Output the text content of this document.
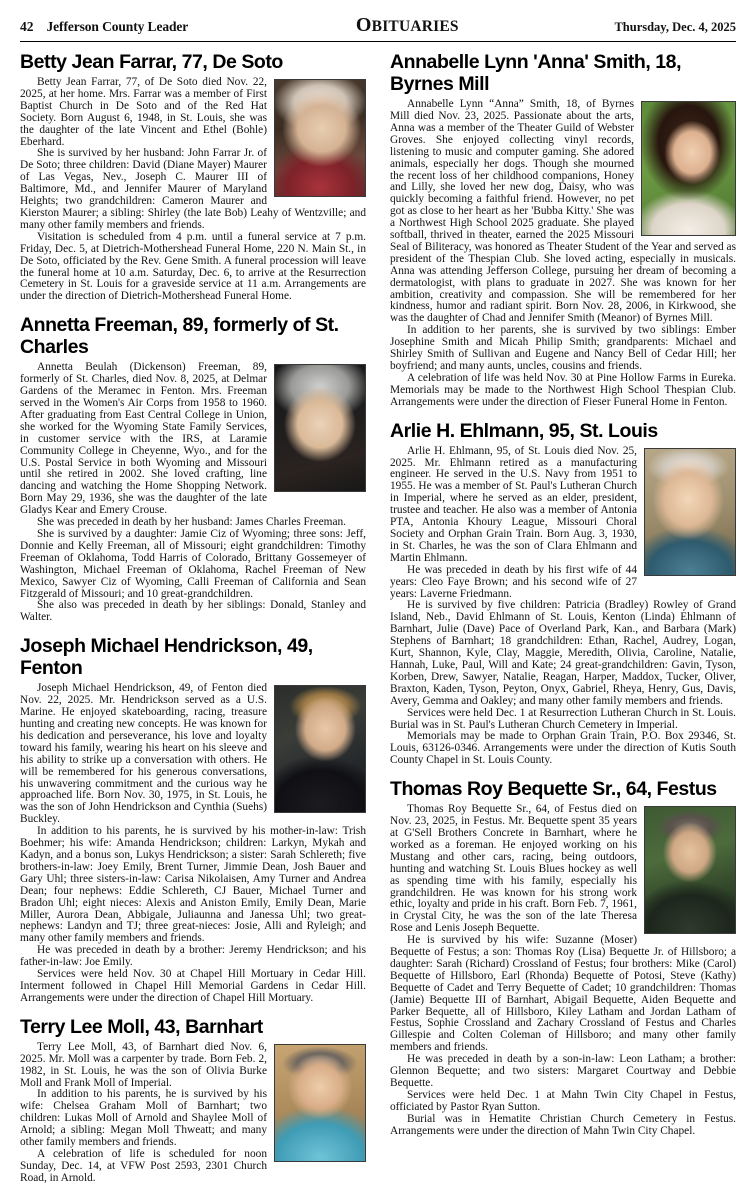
42 Jefferson County Leader	OBITUARIES	Thursday, Dec. 4, 2025
Betty Jean Farrar, 77, De Soto

Betty Jean Farrar, 77, of De Soto died Nov. 22, 2025, at her home. Mrs. Farrar was a member of First Baptist Church in De Soto and of the Red Hat Society. Born August 6, 1948, in St. Louis, she was the daughter of the late Vincent and Ethel (Bohle) Eberhard.

She is survived by her husband: John Farrar Jr. of De Soto; three children: David (Diane Mayer) Maurer of Las Vegas, Nev., Joseph C. Maurer III of Baltimore, Md., and Jennifer Maurer of Maryland Heights; two grandchildren: Cameron Maurer and Kierston Maurer; a sibling: Shirley (the late Bob) Leahy of Wentzville; and many other family members and friends.

Visitation is scheduled from 4 p.m. until a funeral service at 7 p.m. Friday, Dec. 5, at Dietrich-Mothershead Funeral Home, 220 N. Main St., in De Soto, officiated by the Rev. Gene Smith. A funeral procession will leave the funeral home at 10 a.m. Saturday, Dec. 6, to arrive at the Resurrection Cemetery in St. Louis for a graveside service at 11 a.m. Arrangements are under the direction of Dietrich-Mothershead Funeral Home.

Annetta Freeman, 89, formerly of St. Charles

Annetta Beulah (Dickenson) Freeman, 89, formerly of St. Charles, died Nov. 8, 2025, at Delmar Gardens of the Meramec in Fenton. Mrs. Freeman served in the Women's Air Corps from 1958 to 1960. After graduating from East Central College in Union, she worked for the Wyoming State Family Services, in customer service with the IRS, at Laramie Community College in Cheyenne, Wyo., and for the U.S. Postal Service in both Wyoming and Missouri until she retired in 2002. She loved crafting, line dancing and watching the Home Shopping Network. Born May 29, 1936, she was the daughter of the late Gladys Kear and Emery Crouse.

She was preceded in death by her husband: James Charles Freeman.

She is survived by a daughter: Jamie Ciz of Wyoming; three sons: Jeff, Donnie and Kelly Freeman, all of Missouri; eight grandchildren: Timothy Freeman of Oklahoma, Todd Harris of Colorado, Brittany Gossemeyer of Washington, Michael Freeman of Oklahoma, Rachel Freeman of New Mexico, Sawyer Ciz of Wyoming, Calli Freeman of California and Sean Fitzgerald of Missouri; and 10 great-grandchildren.

She also was preceded in death by her siblings: Donald, Stanley and Walter.

Joseph Michael Hendrickson, 49, Fenton

Joseph Michael Hendrickson, 49, of Fenton died Nov. 22, 2025. Mr. Hendrickson served as a U.S. Marine. He enjoyed skateboarding, racing, treasure hunting and creating new concepts. He was known for his dedication and perseverance, his love and loyalty toward his family, wearing his heart on his sleeve and his ability to strike up a conversation with others. He will be remembered for his generous conversations, his unwavering commitment and the curious way he approached life. Born Nov. 30, 1975, in St. Louis, he was the son of John Hendrickson and Cynthia (Suehs) Buckley.

In addition to his parents, he is survived by his mother-in-law: Trish Boehmer; his wife: Amanda Hendrickson; children: Larkyn, Mykah and Kadyn, and a bonus son, Lukys Hendrickson; a sister: Sarah Schlereth; five brothers-in-law: Joey Emily, Brent Turner, Jimmie Dean, Josh Bauer and Gary Uhl; three sisters-in-law: Carisa Nikolaisen, Amy Turner and Andrea Dean; four nephews: Eddie Schlereth, CJ Bauer, Michael Turner and Bradon Uhl; eight nieces: Alexis and Aniston Emily, Emily Dean, Marie Miller, Aurora Dean, Abbigale, Juliaunna and Janessa Uhl; two great-nephews: Landyn and TJ; three great-nieces: Josie, Alli and Ryleigh; and many other family members and friends.

He was preceded in death by a brother: Jeremy Hendrickson; and his father-in-law: Joe Emily.

Services were held Nov. 30 at Chapel Hill Mortuary in Cedar Hill. Interment followed in Chapel Hill Memorial Gardens in Cedar Hill. Arrangements were under the direction of Chapel Hill Mortuary.

Terry Lee Moll, 43, Barnhart

Terry Lee Moll, 43, of Barnhart died Nov. 6, 2025. Mr. Moll was a carpenter by trade. Born Feb. 2, 1982, in St. Louis, he was the son of Olivia Burke Moll and Frank Moll of Imperial.

In addition to his parents, he is survived by his wife: Chelsea Graham Moll of Barnhart; two children: Lukas Moll of Arnold and Shaylee Moll of Arnold; a sibling: Megan Moll Thweatt; and many other family members and friends.

A celebration of life is scheduled for noon Sunday, Dec. 14, at VFW Post 2593, 2301 Church Road, in Arnold.

Annabelle Lynn 'Anna' Smith, 18, Byrnes Mill

Annabelle Lynn “Anna” Smith, 18, of Byrnes Mill died Nov. 23, 2025. Passionate about the arts, Anna was a member of the Theater Guild of Webster Groves. She enjoyed collecting vinyl records, listening to music and computer gaming. She adored animals, especially her dogs. Though she mourned the recent loss of her childhood companions, Honey and Lilly, she loved her new dog, Daisy, who was quickly becoming a faithful friend. However, no pet got as close to her heart as her 'Bubba Kitty.' She was a Northwest High School 2025 graduate. She played softball, thrived in theater, earned the 2025 Missouri Seal of Biliteracy, was honored as Theater Student of the Year and served as president of the Thespian Club. She loved acting, especially in musicals. Anna was attending Jefferson College, pursuing her dream of becoming a dermatologist, with plans to graduate in 2027. She was known for her ambition, creativity and compassion. She will be remembered for her kindness, humor and radiant spirit. Born Nov. 28, 2006, in Kirkwood, she was the daughter of Chad and Jennifer Smith (Meanor) of Byrnes Mill.

In addition to her parents, she is survived by two siblings: Ember Josephine Smith and Micah Philip Smith; grandparents: Michael and Shirley Smith of Sullivan and Eugene and Nancy Bell of Cedar Hill; her boyfriend; and many aunts, uncles, cousins and friends.

A celebration of life was held Nov. 30 at Pine Hollow Farms in Eureka. Memorials may be made to the Northwest High School Thespian Club. Arrangements were under the direction of Fieser Funeral Home in Fenton.

Arlie H. Ehlmann, 95, St. Louis

Arlie H. Ehlmann, 95, of St. Louis died Nov. 25, 2025. Mr. Ehlmann retired as a manufacturing engineer. He served in the U.S. Navy from 1951 to 1955. He was a member of St. Paul's Lutheran Church in Imperial, where he served as an elder, president, trustee and teacher. He also was a member of Antonia PTA, Antonia Khoury League, Missouri Choral Society and Orphan Grain Train. Born Aug. 3, 1930, in St. Charles, he was the son of Clara Ehlmann and Martin Ehlmann.

He was preceded in death by his first wife of 44 years: Cleo Faye Brown; and his second wife of 27 years: Laverne Friedmann.

He is survived by five children: Patricia (Bradley) Rowley of Grand Island, Neb., David Ehlmann of St. Louis, Kenton (Linda) Ehlmann of Barnhart, Julie (Dave) Pace of Overland Park, Kan., and Barbara (Mark) Stephens of Barnhart; 18 grandchildren: Ethan, Rachel, Audrey, Logan, Kurt, Shannon, Kyle, Clay, Maggie, Meredith, Olivia, Caroline, Natalie, Hannah, Luke, Paul, Will and Kate; 24 great-grandchildren: Gavin, Tyson, Korben, Drew, Sawyer, Natalie, Reagan, Harper, Maddox, Tucker, Oliver, Braxton, Kaden, Tyson, Peyton, Onyx, Gabriel, Rheya, Henry, Gus, Davis, Avery, Gemma and Oakley; and many other family members and friends.

Services were held Dec. 1 at Resurrection Lutheran Church in St. Louis. Burial was in St. Paul's Lutheran Church Cemetery in Imperial.

Memorials may be made to Orphan Grain Train, P.O. Box 29346, St. Louis, 63126-0346. Arrangements were under the direction of Kutis South County Chapel in St. Louis County.

Thomas Roy Bequette Sr., 64, Festus

Thomas Roy Bequette Sr., 64, of Festus died on Nov. 23, 2025, in Festus. Mr. Bequette spent 35 years at G'Sell Brothers Concrete in Barnhart, where he worked as a foreman. He enjoyed working on his Mustang and other cars, racing, being outdoors, hunting and watching St. Louis Blues hockey as well as spending time with his family, especially his grandchildren. He was known for his strong work ethic, loyalty and pride in his craft. Born Feb. 7, 1961, in Crystal City, he was the son of the late Theresa Rose and Lenis Joseph Bequette.

He is survived by his wife: Suzanne (Moser) Bequette of Festus; a son: Thomas Roy (Lisa) Bequette Jr. of Hillsboro; a daughter: Sarah (Richard) Crossland of Festus; four brothers: Mike (Carol) Bequette of Hillsboro, Earl (Rhonda) Bequette of Potosi, Steve (Kathy) Bequette of Cadet and Terry Bequette of Cadet; 10 grandchildren: Thomas (Jamie) Bequette III of Barnhart, Abigail Bequette, Aiden Bequette and Parker Bequette, all of Hillsboro, Kiley Latham and Jordan Latham of Festus, Sophie Crossland and Zachary Crossland of Festus and Charles Gillespie and Colten Coleman of Hillsboro; and many other family members and friends.

He was preceded in death by a son-in-law: Leon Latham; a brother: Glennon Bequette; and two sisters: Margaret Courtway and Debbie Bequette.

Services were held Dec. 1 at Mahn Twin City Chapel in Festus, officiated by Pastor Ryan Sutton.

Burial was in Hematite Christian Church Cemetery in Festus. Arrangements were under the direction of Mahn Twin City Chapel.
